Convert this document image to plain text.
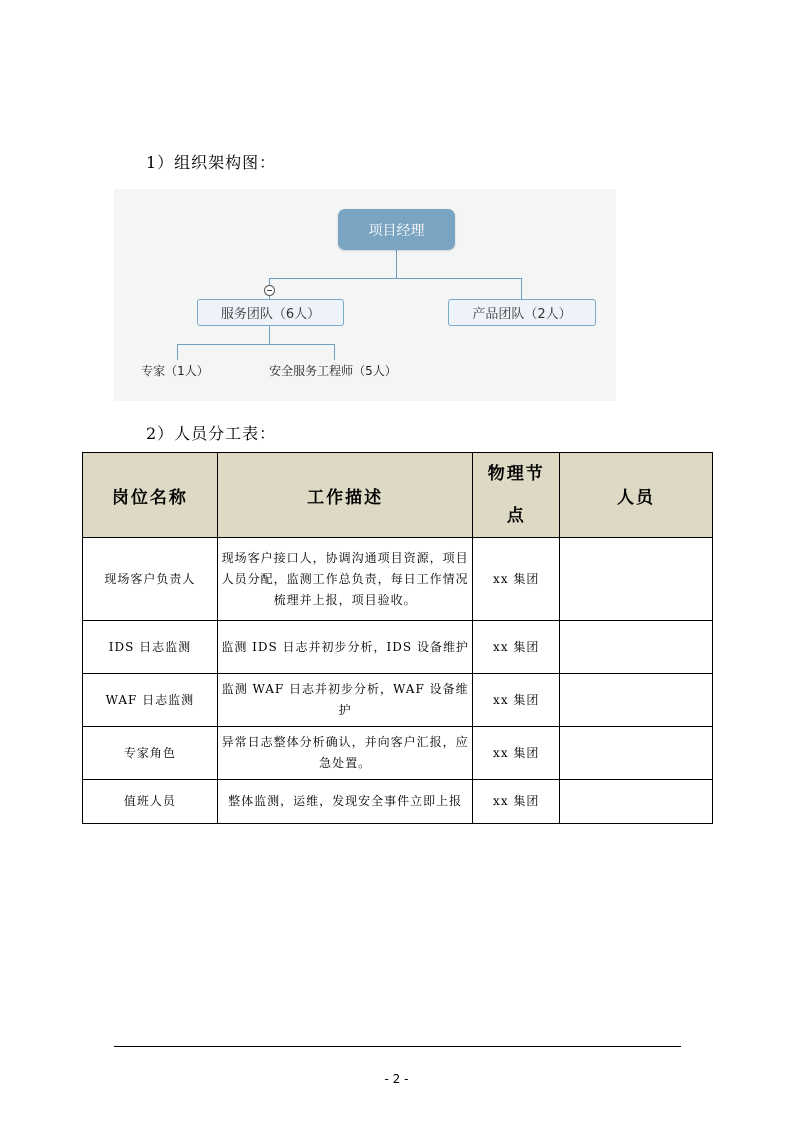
1）组织架构图：
项目经理
服务团队（6人）	产品团队（2人）
专家（1人）	安全服务工程师（5人）
2）人员分工表：
岗位名称	工作描述	物理节点	人员
现场客户负责人	现场客户接口人，协调沟通项目资源，项目人员分配，监测工作总负责，每日工作情况梳理并上报，项目验收。	xx 集团	
IDS 日志监测	监测 IDS 日志并初步分析，IDS 设备维护	xx 集团	
WAF 日志监测	监测 WAF 日志并初步分析，WAF 设备维护	xx 集团	
专家角色	异常日志整体分析确认，并向客户汇报，应急处置。	xx 集团	
值班人员	整体监测，运维，发现安全事件立即上报	xx 集团	
- 2 -
